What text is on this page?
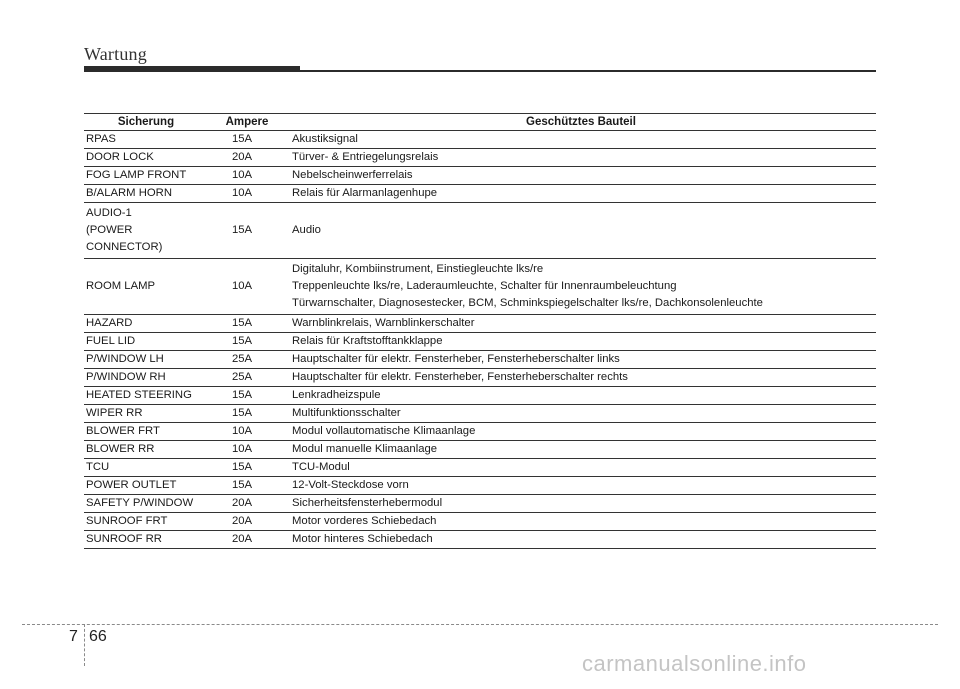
Wartung
Sicherung	Ampere	Geschütztes Bauteil
RPAS	15A	Akustiksignal
DOOR LOCK	20A	Türver- & Entriegelungsrelais
FOG LAMP FRONT	10A	Nebelscheinwerferrelais
B/ALARM HORN	10A	Relais für Alarmanlagenhupe
AUDIO-1
(POWER
CONNECTOR)	15A	Audio
ROOM LAMP	10A	Digitaluhr, Kombiinstrument, Einstiegleuchte lks/re
Treppenleuchte lks/re, Laderaumleuchte, Schalter für Innenraumbeleuchtung
Türwarnschalter, Diagnosestecker, BCM, Schminkspiegelschalter lks/re, Dachkonsolenleuchte

HAZARD	15A	Warnblinkrelais, Warnblinkerschalter
FUEL LID	15A	Relais für Kraftstofftankklappe
P/WINDOW LH	25A	Hauptschalter für elektr. Fensterheber, Fensterheberschalter links
P/WINDOW RH	25A	Hauptschalter für elektr. Fensterheber, Fensterheberschalter rechts
HEATED STEERING	15A	Lenkradheizspule
WIPER RR	15A	Multifunktionsschalter
BLOWER FRT	10A	Modul vollautomatische Klimaanlage
BLOWER RR	10A	Modul manuelle Klimaanlage
TCU	15A	TCU-Modul
POWER OUTLET	15A	12-Volt-Steckdose vorn
SAFETY P/WINDOW	20A	Sicherheitsfensterhebermodul
SUNROOF FRT	20A	Motor vorderes Schiebedach
SUNROOF RR	20A	Motor hinteres Schiebedach
7 66
carmanualsonline.info
